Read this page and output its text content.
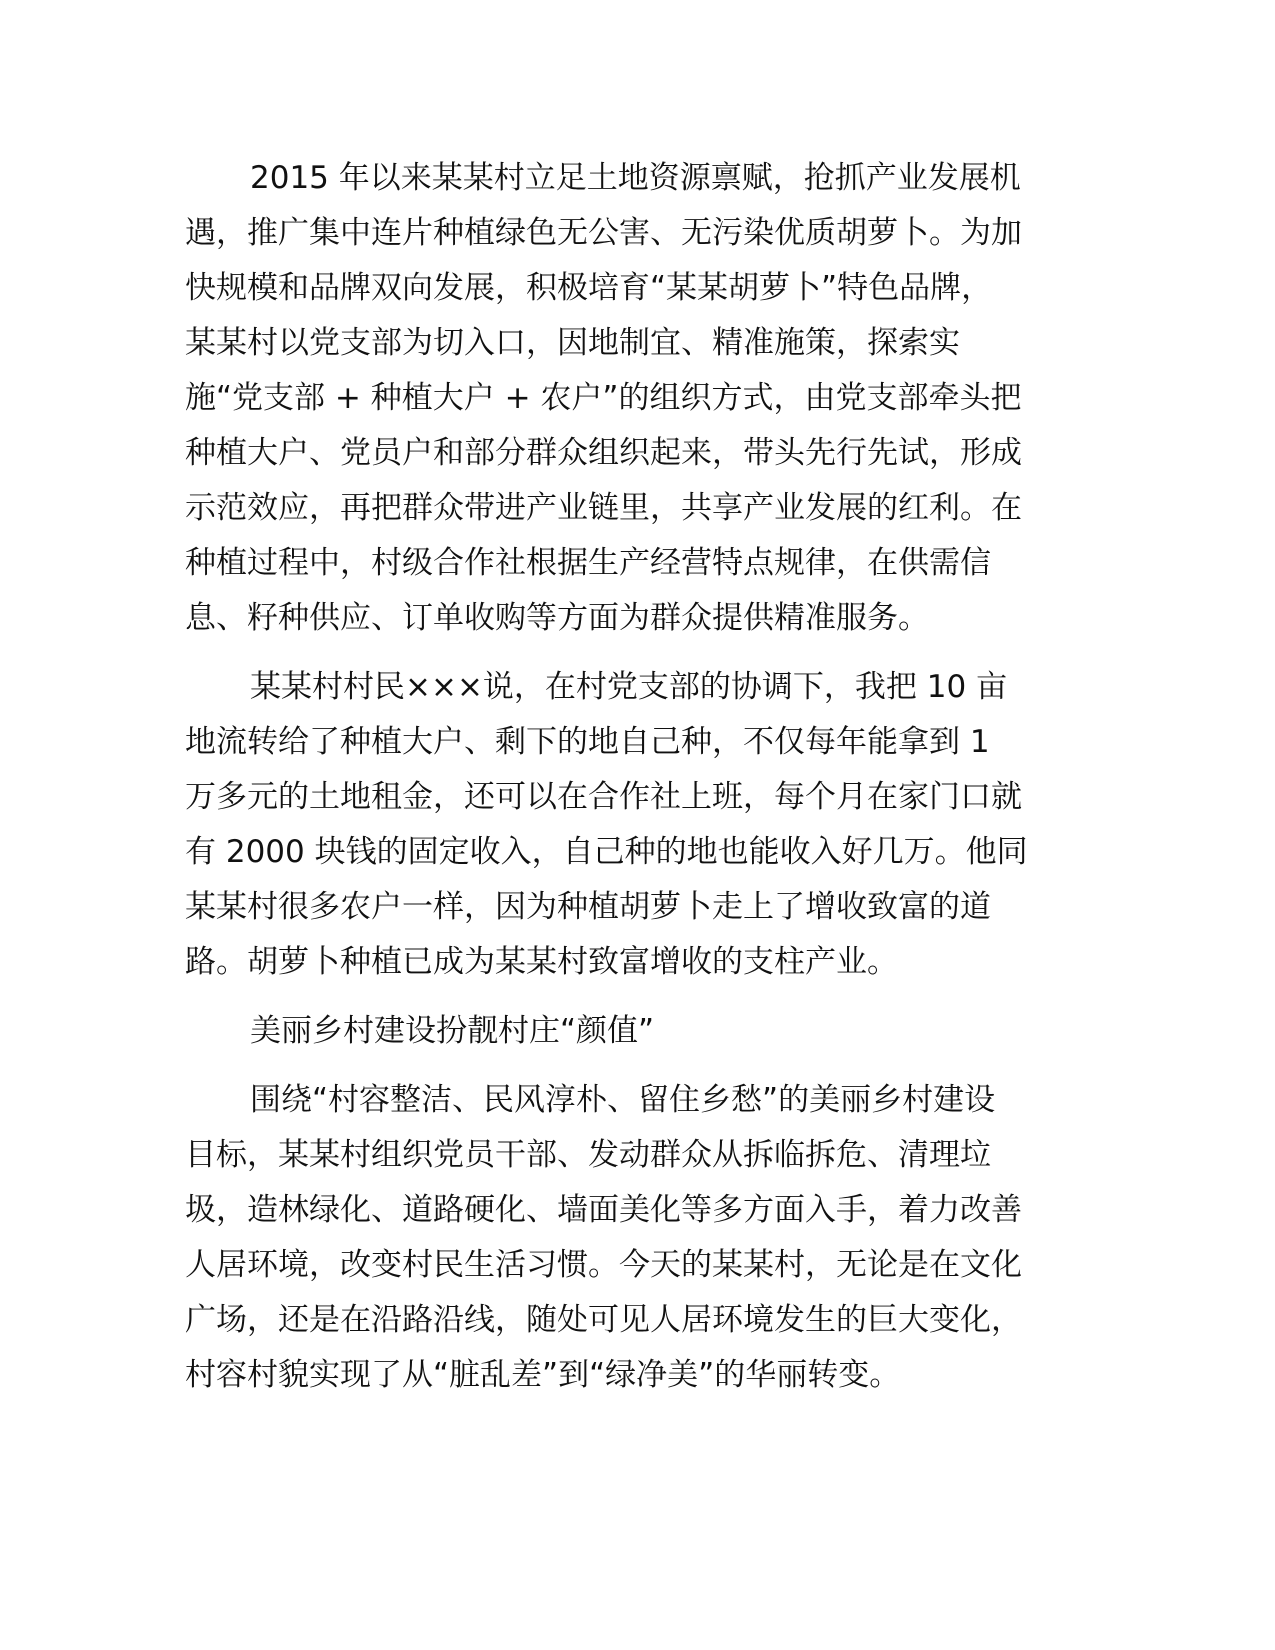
2015 年以来某某村立足土地资源禀赋，抢抓产业发展机
遇，推广集中连片种植绿色无公害、无污染优质胡萝卜。为加
快规模和品牌双向发展，积极培育“某某胡萝卜”特色品牌，
某某村以党支部为切入口，因地制宜、精准施策，探索实
施“党支部 + 种植大户 + 农户”的组织方式，由党支部牵头把
种植大户、党员户和部分群众组织起来，带头先行先试，形成
示范效应，再把群众带进产业链里，共享产业发展的红利。在
种植过程中，村级合作社根据生产经营特点规律，在供需信
息、籽种供应、订单收购等方面为群众提供精准服务。
某某村村民×××说，在村党支部的协调下，我把 10 亩
地流转给了种植大户、剩下的地自己种，不仅每年能拿到 1
万多元的土地租金，还可以在合作社上班，每个月在家门口就
有 2000 块钱的固定收入，自己种的地也能收入好几万。他同
某某村很多农户一样，因为种植胡萝卜走上了增收致富的道
路。胡萝卜种植已成为某某村致富增收的支柱产业。
美丽乡村建设扮靓村庄“颜值”
围绕“村容整洁、民风淳朴、留住乡愁”的美丽乡村建设
目标，某某村组织党员干部、发动群众从拆临拆危、清理垃
圾，造林绿化、道路硬化、墙面美化等多方面入手，着力改善
人居环境，改变村民生活习惯。今天的某某村，无论是在文化
广场，还是在沿路沿线，随处可见人居环境发生的巨大变化，
村容村貌实现了从“脏乱差”到“绿净美”的华丽转变。
